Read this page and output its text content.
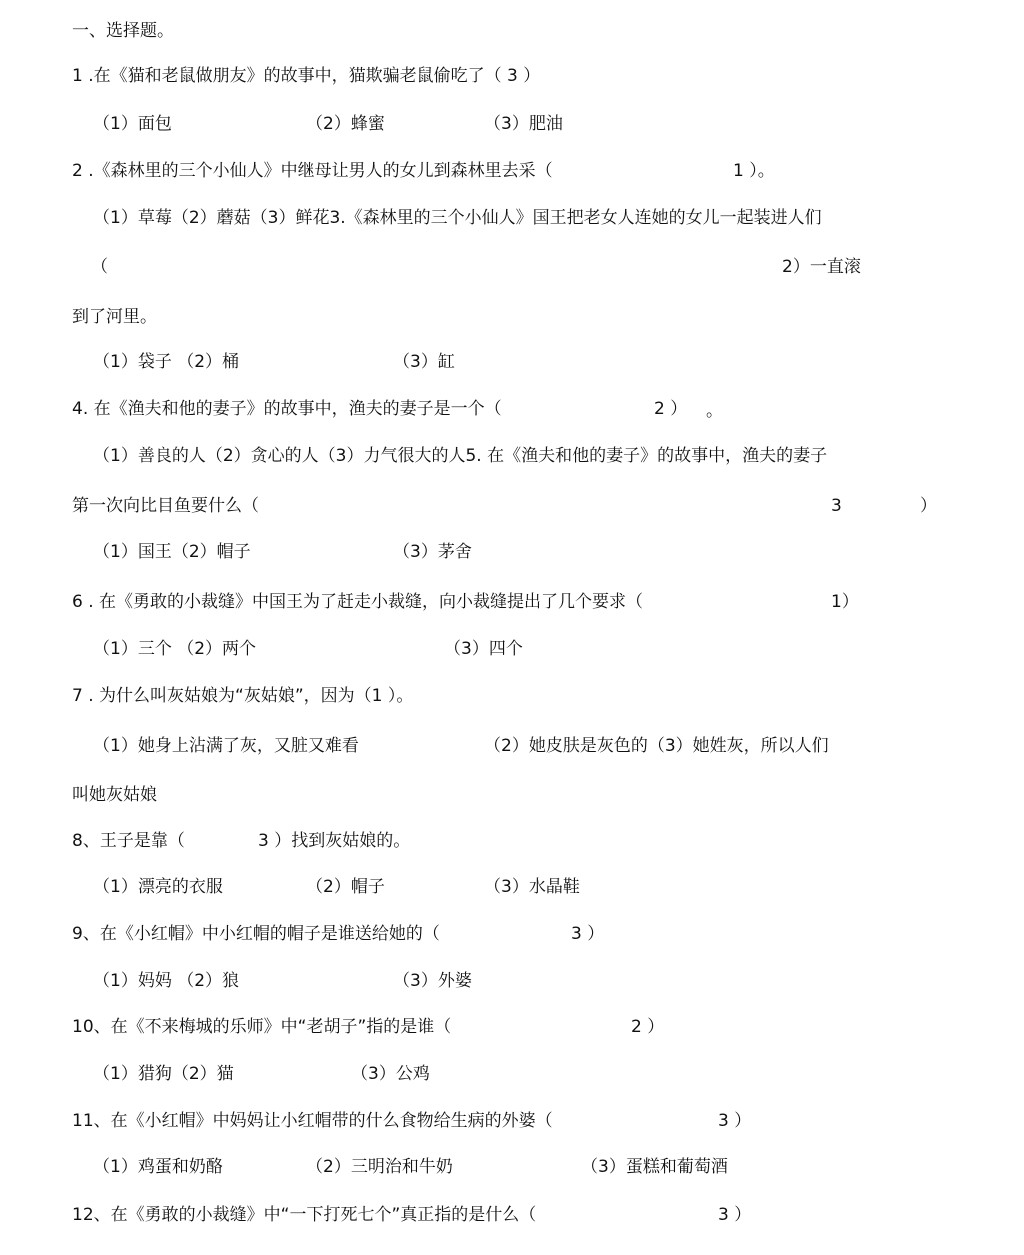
一、选择题。
1 .在《猫和老鼠做朋友》的故事中，猫欺骗老鼠偷吃了（ 3 ）
（1）面包	（2）蜂蜜	（3）肥油
2 .《森林里的三个小仙人》中继母让男人的女儿到森林里去采（	1 ）。
（1）草莓（2）蘑菇（3）鲜花3.《森林里的三个小仙人》国王把老女人连她的女儿一起装进人们
（	2）一直滚
到了河里。
（1）袋子 （2）桶	（3）缸
4. 在《渔夫和他的妻子》的故事中，渔夫的妻子是一个（	2 ） 。
（1）善良的人（2）贪心的人（3）力气很大的人5. 在《渔夫和他的妻子》的故事中，渔夫的妻子
第一次向比目鱼要什么（	3	）
（1）国王（2）帽子	（3）茅舍
6 . 在《勇敢的小裁缝》中国王为了赶走小裁缝，向小裁缝提出了几个要求（	1）
（1）三个 （2）两个	（3）四个
7 . 为什么叫灰姑娘为“灰姑娘”，因为（1 ）。
（1）她身上沾满了灰，又脏又难看	（2）她皮肤是灰色的（3）她姓灰，所以人们
叫她灰姑娘
8、王子是靠（	3 ）找到灰姑娘的。
（1）漂亮的衣服	（2）帽子	（3）水晶鞋
9、在《小红帽》中小红帽的帽子是谁送给她的（	3 ）
（1）妈妈 （2）狼	（3）外婆
10、在《不来梅城的乐师》中“老胡子”指的是谁（	2 ）
（1）猎狗（2）猫	（3）公鸡
11、在《小红帽》中妈妈让小红帽带的什么食物给生病的外婆（	3 ）
（1）鸡蛋和奶酪	（2）三明治和牛奶	（3）蛋糕和葡萄酒
12、在《勇敢的小裁缝》中“一下打死七个”真正指的是什么（	3 ）
